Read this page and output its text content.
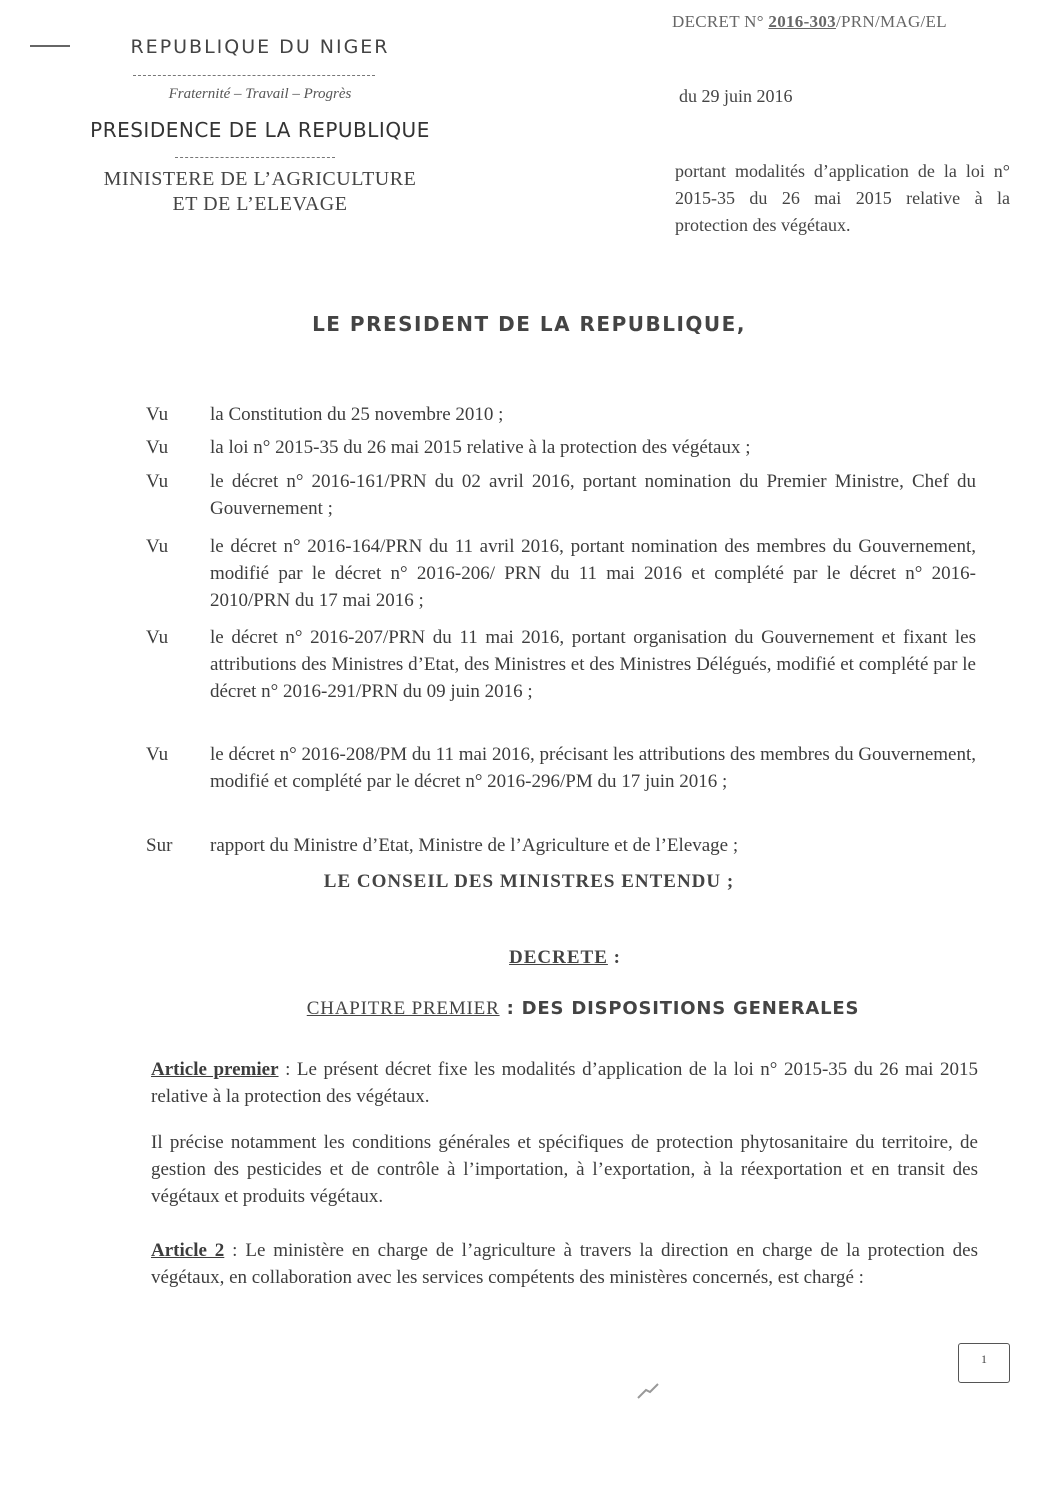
REPUBLIQUE DU NIGER
Fraternité – Travail – Progrès
PRESIDENCE DE LA REPUBLIQUE
MINISTERE DE L’AGRICULTURE
ET DE L’ELEVAGE
DECRET N° 2016-303/PRN/MAG/EL
du 29 juin 2016
portant modalités d’application de la loi n° 2015-35 du 26 mai 2015 relative à la protection des végétaux.
LE PRESIDENT DE LA REPUBLIQUE,
Vu	la Constitution du 25 novembre 2010 ;
Vu	la loi n° 2015-35 du 26 mai 2015 relative à la protection des végétaux ;
Vu	le décret n° 2016-161/PRN du 02 avril 2016, portant nomination du Premier Ministre, Chef du Gouvernement ;
Vu	le décret n° 2016-164/PRN du 11 avril 2016, portant nomination des membres du Gouvernement, modifié par le décret n° 2016-206/ PRN du 11 mai 2016 et complété par le décret n° 2016-2010/PRN du 17 mai 2016 ;
Vu	le décret n° 2016-207/PRN du 11 mai 2016, portant organisation du Gouvernement et fixant les attributions des Ministres d’Etat, des Ministres et des Ministres Délégués, modifié et complété par le décret n° 2016-291/PRN du 09 juin 2016 ;
Vu	le décret n° 2016-208/PM du 11 mai 2016, précisant les attributions des membres du Gouvernement, modifié et complété par le décret n° 2016-296/PM du 17 juin 2016 ;
Sur	rapport du Ministre d’Etat, Ministre de l’Agriculture et de l’Elevage ;
LE CONSEIL DES MINISTRES ENTENDU ;
DECRETE :
CHAPITRE PREMIER : DES DISPOSITIONS GENERALES
Article premier : Le présent décret fixe les modalités d’application de la loi n° 2015-35 du 26 mai 2015 relative à la protection des végétaux.
Il précise notamment les conditions générales et spécifiques de protection phytosanitaire du territoire, de gestion des pesticides et de contrôle à l’importation, à l’exportation, à la réexportation et en transit des végétaux et produits végétaux.
Article 2 : Le ministère en charge de l’agriculture à travers la direction en charge de la protection des végétaux, en collaboration avec les services compétents des ministères concernés, est chargé :
1
